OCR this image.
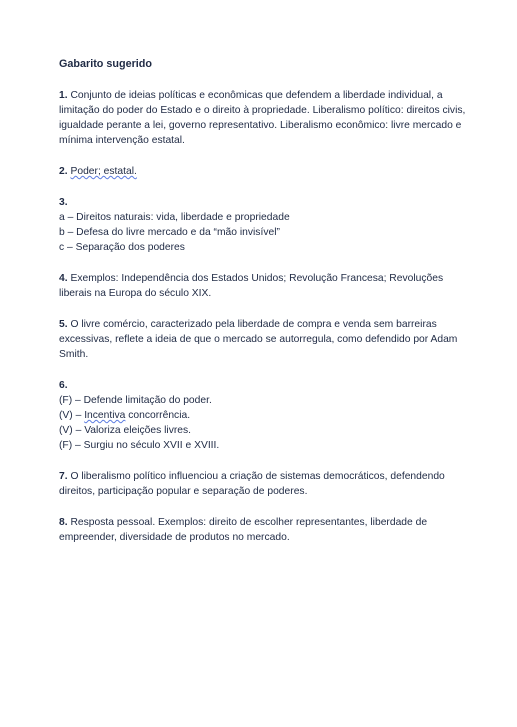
Gabarito sugerido
1. Conjunto de ideias políticas e econômicas que defendem a liberdade individual, a limitação do poder do Estado e o direito à propriedade. Liberalismo político: direitos civis, igualdade perante a lei, governo representativo. Liberalismo econômico: livre mercado e mínima intervenção estatal.
2. Poder; estatal.
3.
a – Direitos naturais: vida, liberdade e propriedade
b – Defesa do livre mercado e da “mão invisível”
c – Separação dos poderes
4. Exemplos: Independência dos Estados Unidos; Revolução Francesa; Revoluções liberais na Europa do século XIX.
5. O livre comércio, caracterizado pela liberdade de compra e venda sem barreiras excessivas, reflete a ideia de que o mercado se autorregula, como defendido por Adam Smith.
6.
(F) – Defende limitação do poder.
(V) – Incentiva concorrência.
(V) – Valoriza eleições livres.
(F) – Surgiu no século XVII e XVIII.
7. O liberalismo político influenciou a criação de sistemas democráticos, defendendo direitos, participação popular e separação de poderes.
8. Resposta pessoal. Exemplos: direito de escolher representantes, liberdade de empreender, diversidade de produtos no mercado.
